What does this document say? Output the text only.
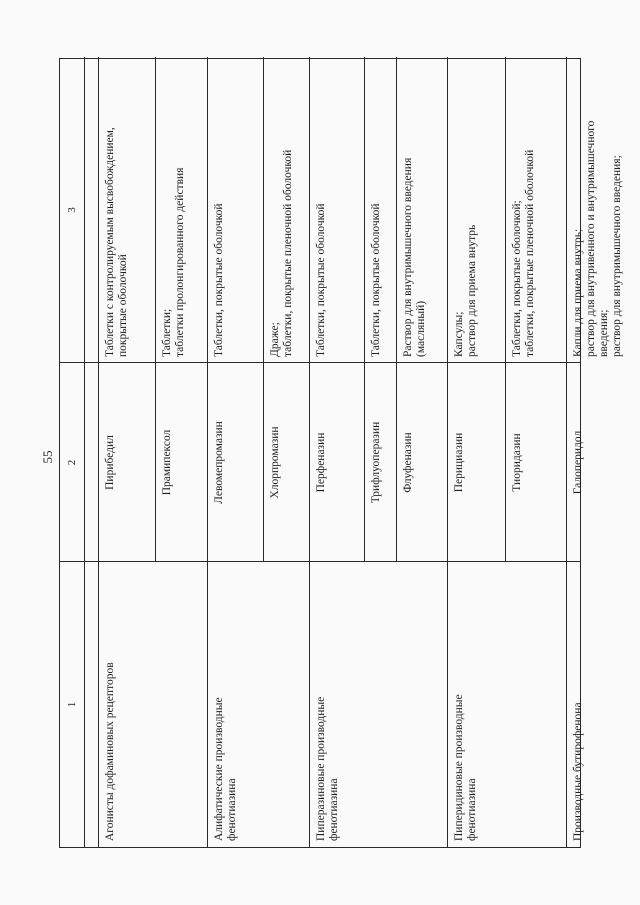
55
1
2
3
Агонисты дофаминовых рецепторов
Пирибедил
Таблетки с контролируемым высвобождением, покрытые оболочкой
Прамипексол
Таблетки; таблетки пролонгированного действия
Алифатические производные фенотиазина
Левомепромазин
Таблетки, покрытые оболочкой
Хлорпромазин
Драже; таблетки, покрытые пленочной оболочкой
Пиперазиновые производные фенотиазина
Перфеназин
Таблетки, покрытые оболочкой
Трифлуоперазин
Таблетки, покрытые оболочкой
Флуфеназин
Раствор для внутримышечного введения (масляный)
Пиперидиновые производные фенотиазина
Перициазин
Капсулы; раствор для приема внутрь
Тиоридазин
Таблетки, покрытые оболочкой; таблетки, покрытые пленочной оболочкой
Производные бутирофенона
Галоперидол
Капли для приема внутрь; раствор для внутривенного и внутримышечного введения; раствор для внутримышечного введения;
